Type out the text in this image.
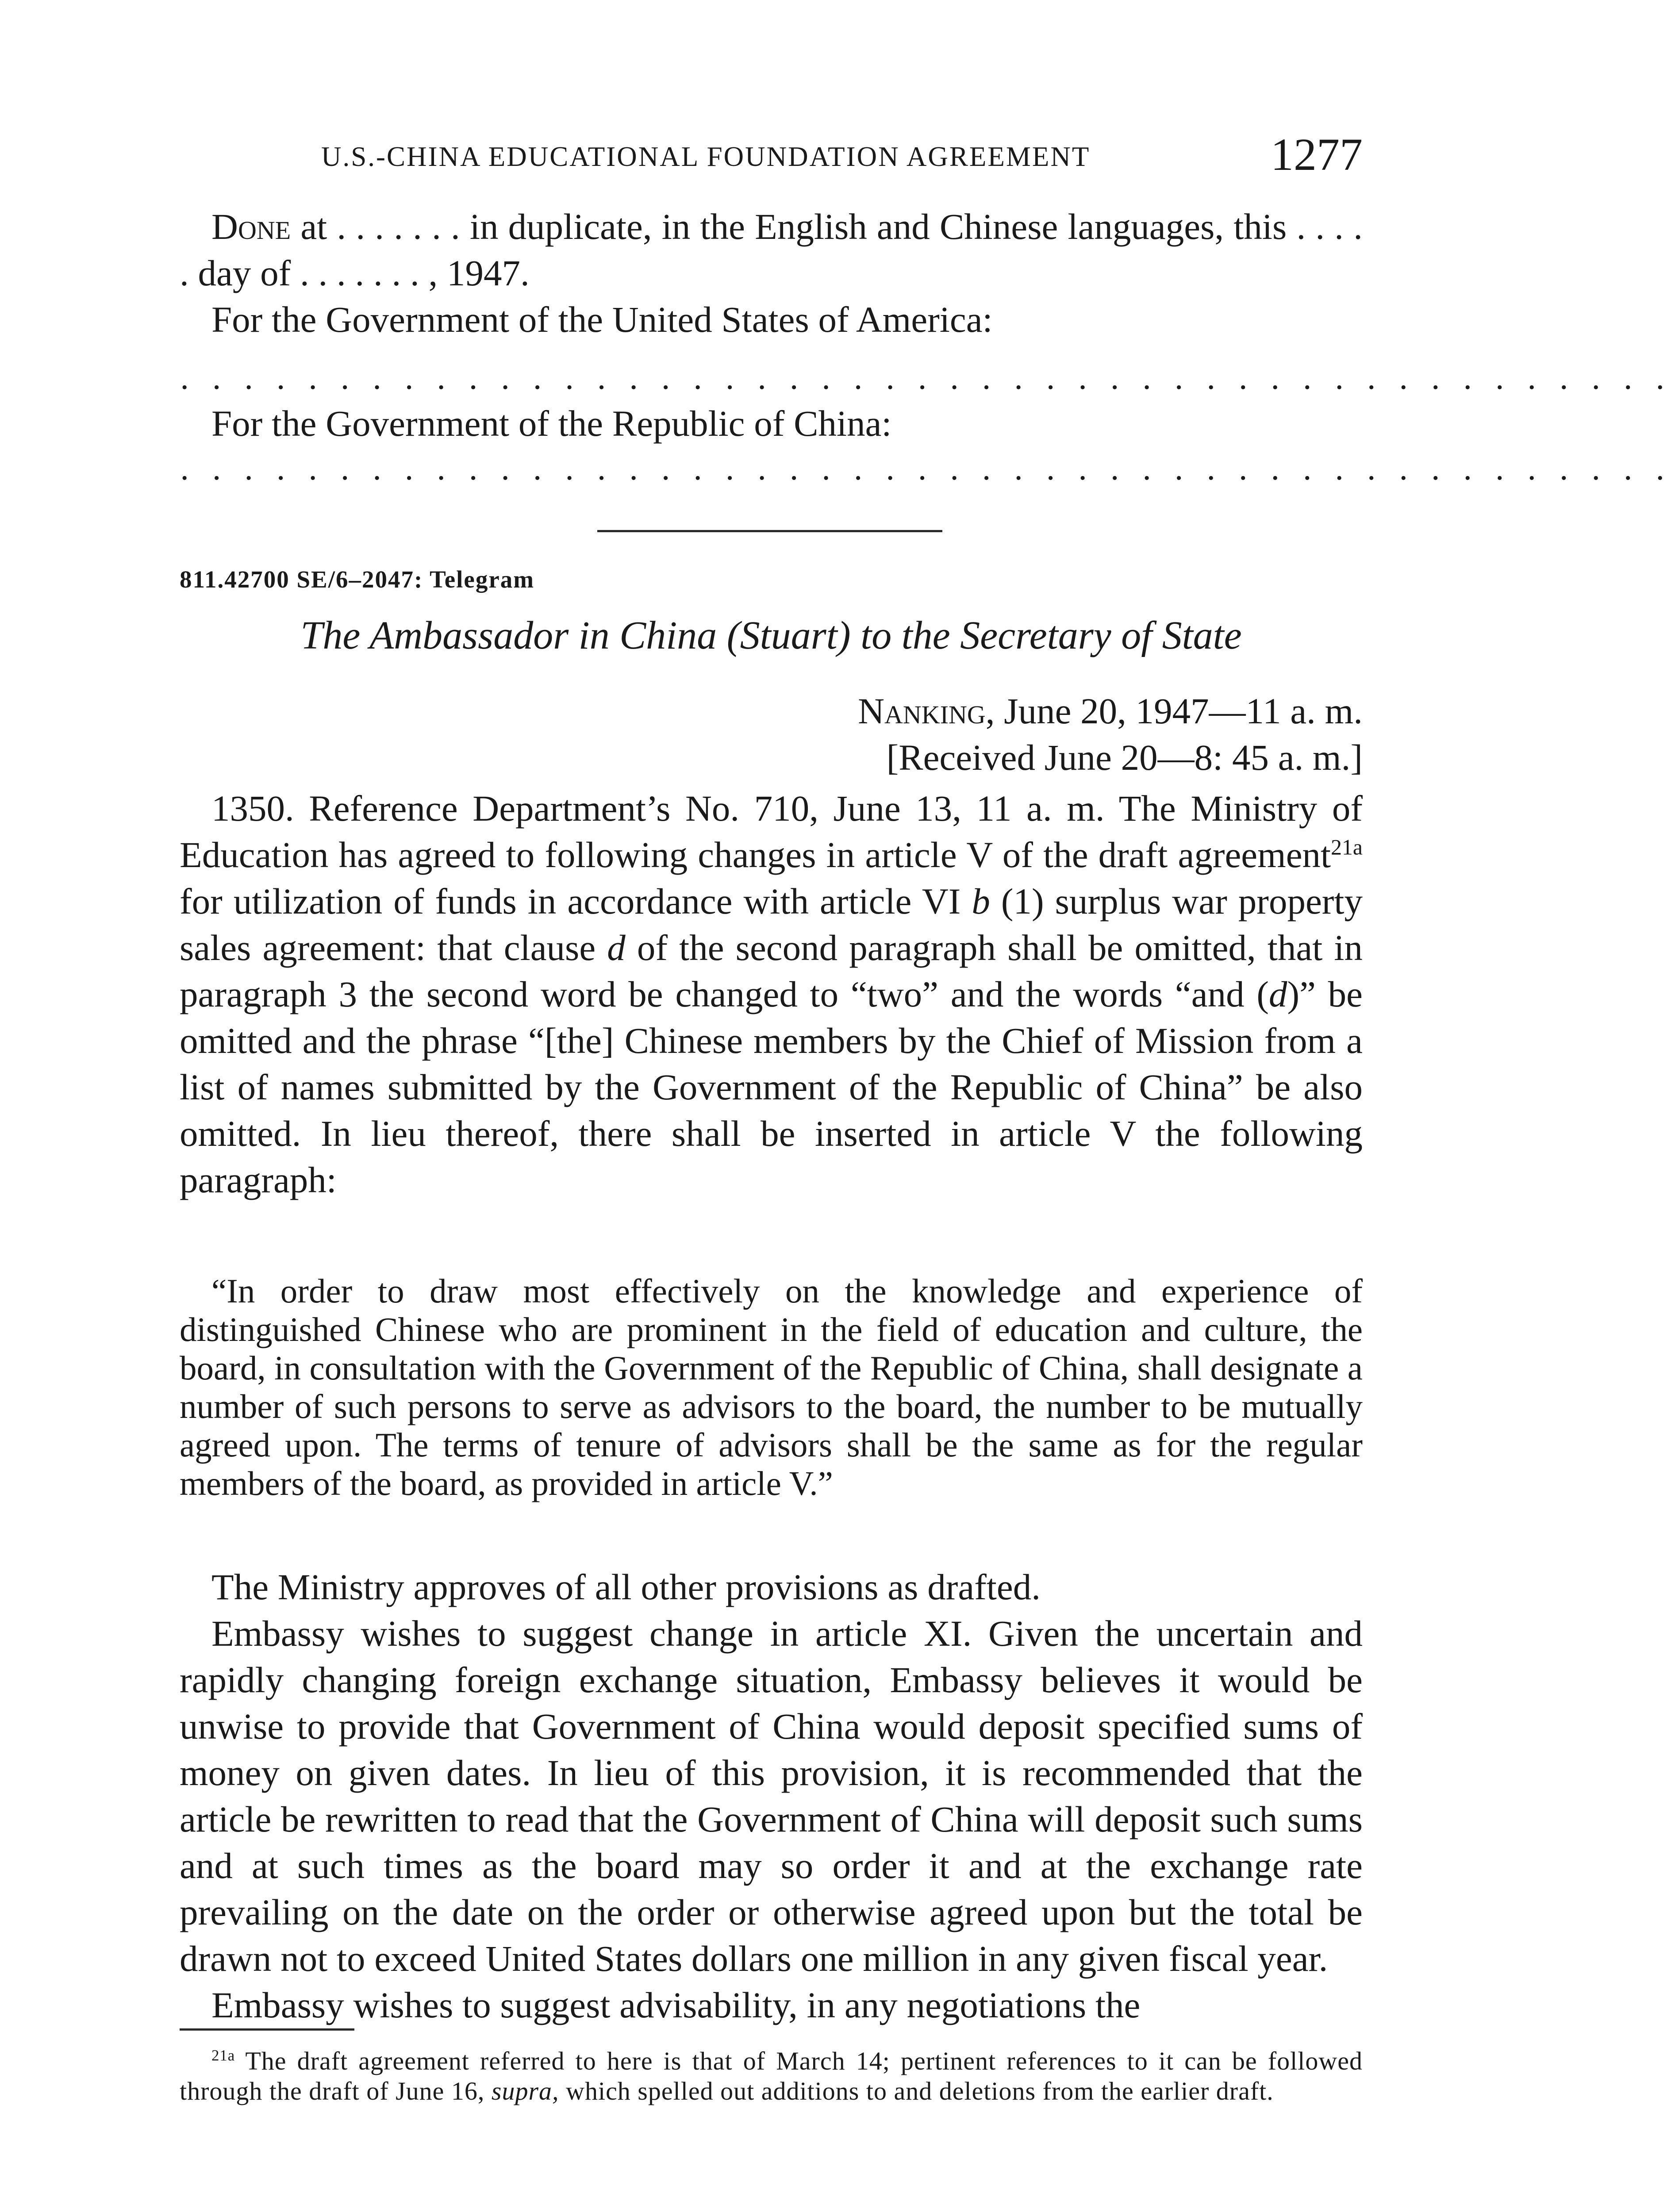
U.S.-CHINA EDUCATIONAL FOUNDATION AGREEMENT	1277

Done at . . . . . . . in duplicate, in the English and Chinese languages, this . . . . . day of . . . . . . . , 1947.

For the Government of the United States of America:

. . . . . . . . . . . . . . . . . . . . . . . . . . . . . . . . . . . . . . . . . . . . . . .

For the Government of the Republic of China:

. . . . . . . . . . . . . . . . . . . . . . . . . . . . . . . . . . . . . . . . . . . . . . .
811.42700 SE/6–2047: Telegram
The Ambassador in China (Stuart) to the Secretary of State
Nanking, June 20, 1947—11 a. m.
[Received June 20—8: 45 a. m.]

1350. Reference Department’s No. 710, June 13, 11 a. m. The Ministry of Education has agreed to following changes in article V of the draft agreement$^{21a}$ for utilization of funds in accordance with article VI b (1) surplus war property sales agreement: that clause d of the second paragraph shall be omitted, that in paragraph 3 the second word be changed to “two” and the words “and (d)” be omitted and the phrase “[the] Chinese members by the Chief of Mission from a list of names submitted by the Government of the Republic of China” be also omitted. In lieu thereof, there shall be inserted in article V the following paragraph:

“In order to draw most effectively on the knowledge and experience of distinguished Chinese who are prominent in the field of education and culture, the board, in consultation with the Government of the Republic of China, shall designate a number of such persons to serve as advisors to the board, the number to be mutually agreed upon. The terms of tenure of advisors shall be the same as for the regular members of the board, as provided in article V.”

The Ministry approves of all other provisions as drafted.

Embassy wishes to suggest change in article XI. Given the uncertain and rapidly changing foreign exchange situation, Embassy believes it would be unwise to provide that Government of China would deposit specified sums of money on given dates. In lieu of this provision, it is recommended that the article be rewritten to read that the Government of China will deposit such sums and at such times as the board may so order it and at the exchange rate prevailing on the date on the order or otherwise agreed upon but the total be drawn not to exceed United States dollars one million in any given fiscal year.

Embassy wishes to suggest advisability, in any negotiations the

$^{21a}$ The draft agreement referred to here is that of March 14; pertinent references to it can be followed through the draft of June 16, supra, which spelled out additions to and deletions from the earlier draft.
